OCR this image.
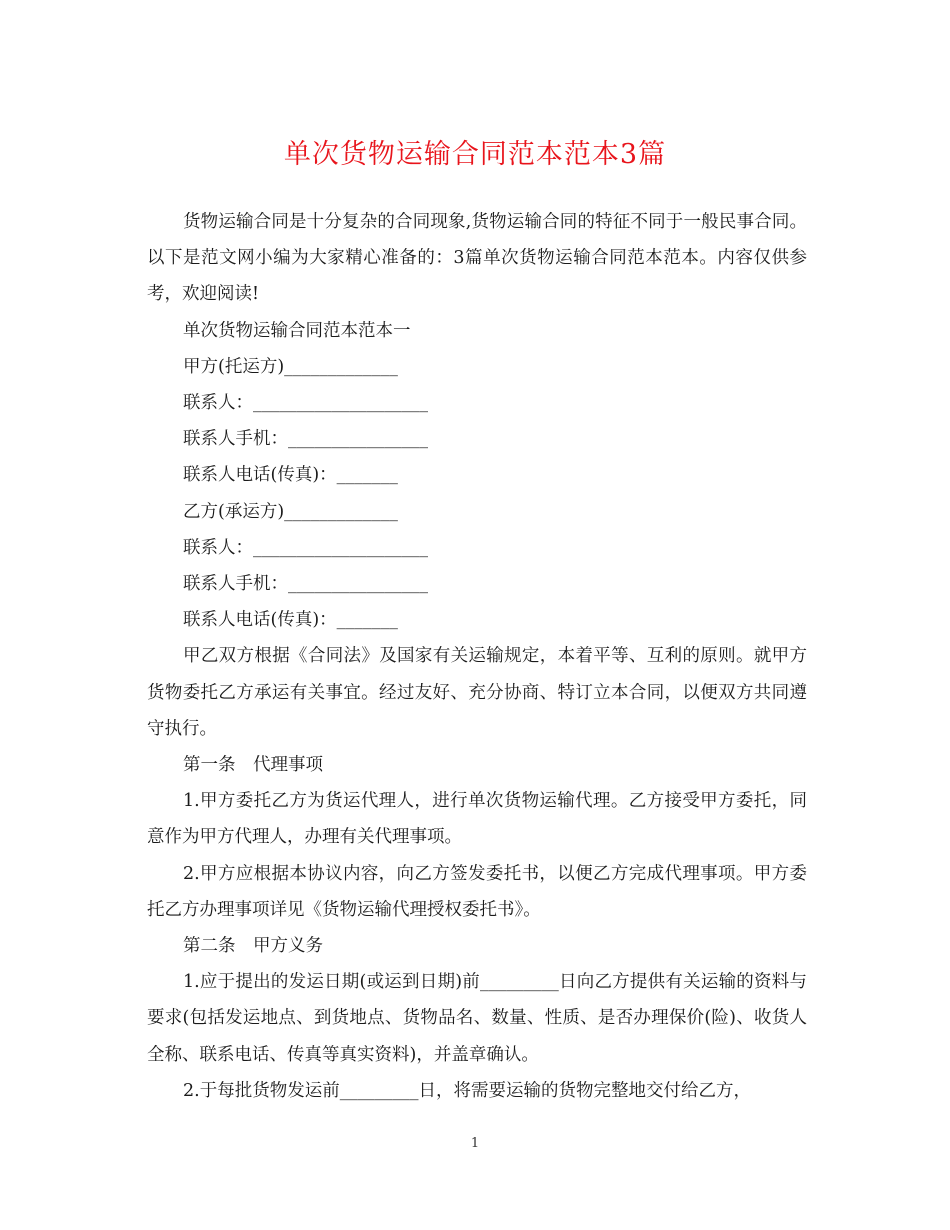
单次货物运输合同范本范本3篇

货物运输合同是十分复杂的合同现象,货物运输合同的特征不同于一般民事合同。以下是范文网小编为大家精心准备的：3篇单次货物运输合同范本范本。内容仅供参考，欢迎阅读!

单次货物运输合同范本范本一

甲方(托运方)_____________

联系人：____________________

联系人手机：________________

联系人电话(传真)：_______

乙方(承运方)_____________

联系人：____________________

联系人手机：________________

联系人电话(传真)：_______

甲乙双方根据《合同法》及国家有关运输规定，本着平等、互利的原则。就甲方货物委托乙方承运有关事宜。经过友好、充分协商、特订立本合同，以便双方共同遵守执行。

第一条　代理事项

1.甲方委托乙方为货运代理人，进行单次货物运输代理。乙方接受甲方委托，同意作为甲方代理人，办理有关代理事项。

2.甲方应根据本协议内容，向乙方签发委托书，以便乙方完成代理事项。甲方委托乙方办理事项详见《货物运输代理授权委托书》。

第二条　甲方义务

1.应于提出的发运日期(或运到日期)前_________日向乙方提供有关运输的资料与要求(包括发运地点、到货地点、货物品名、数量、性质、是否办理保价(险)、收货人全称、联系电话、传真等真实资料)，并盖章确认。

2.于每批货物发运前_________日，将需要运输的货物完整地交付给乙方，

1
